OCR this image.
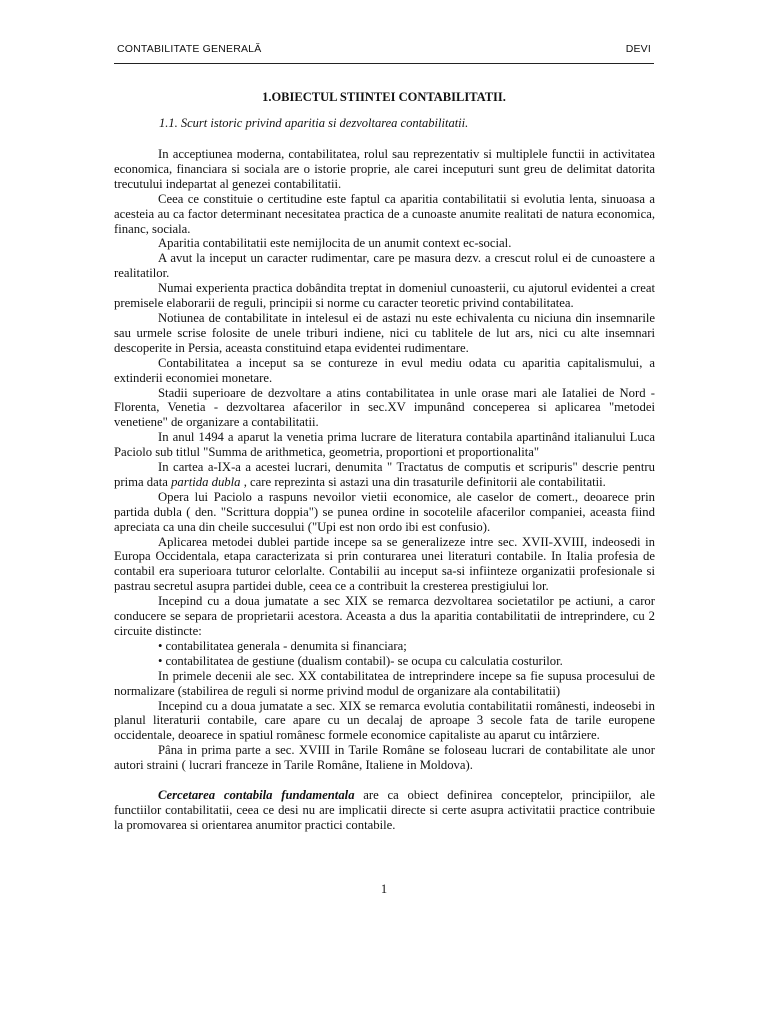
CONTABILITATE GENERALĂ	DEVI
1.OBIECTUL STIINTEI CONTABILITATII.
1.1. Scurt istoric privind aparitia si dezvoltarea contabilitatii.

In acceptiunea moderna, contabilitatea, rolul sau reprezentativ si multiplele functii in activitatea economica, financiara si sociala are o istorie proprie, ale carei inceputuri sunt greu de delimitat datorita trecutului indepartat al genezei contabilitatii.

Ceea ce constituie o certitudine este faptul ca aparitia contabilitatii si evolutia lenta, sinuoasa a acesteia au ca factor determinant necesitatea practica de a cunoaste anumite realitati de natura economica, financ, sociala.

Aparitia contabilitatii este nemijlocita de un anumit context ec-social.

A avut la inceput un caracter rudimentar, care pe masura dezv. a crescut rolul ei de cunoastere a realitatilor.

Numai experienta practica dobândita treptat in domeniul cunoasterii, cu ajutorul evidentei a creat premisele elaborarii de reguli, principii si norme cu caracter teoretic privind contabilitatea.

Notiunea de contabilitate in intelesul ei de astazi nu este echivalenta cu niciuna din insemnarile sau urmele scrise folosite de unele triburi indiene, nici cu tablitele de lut ars, nici cu alte insemnari descoperite in Persia, aceasta constituind etapa evidentei rudimentare.

Contabilitatea a inceput sa se contureze in evul mediu odata cu aparitia capitalismului, a extinderii economiei monetare.

Stadii superioare de dezvoltare a atins contabilitatea in unle orase mari ale Iataliei de Nord - Florenta, Venetia - dezvoltarea afacerilor in sec.XV impunând conceperea si aplicarea "metodei venetiene" de organizare a contabilitatii.

In anul 1494 a aparut la venetia prima lucrare de literatura contabila apartinând italianului Luca Paciolo sub titlul "Summa de arithmetica, geometria, proportioni et proportionalita"

In cartea a-IX-a a acestei lucrari, denumita " Tractatus de computis et scripuris" descrie pentru prima data partida dubla , care reprezinta si astazi una din trasaturile definitorii ale contabilitatii.

Opera lui Paciolo a raspuns nevoilor vietii economice, ale caselor de comert., deoarece prin partida dubla ( den. "Scrittura doppia") se punea ordine in socotelile afacerilor companiei, aceasta fiind apreciata ca una din cheile succesului ("Upi est non ordo ibi est confusio).

Aplicarea metodei dublei partide incepe sa se generalizeze intre sec. XVII-XVIII, indeosedi in Europa Occidentala, etapa caracterizata si prin conturarea unei literaturi contabile. In Italia profesia de contabil era superioara tuturor celorlalte. Contabilii au inceput sa-si infiinteze organizatii profesionale si pastrau secretul asupra partidei duble, ceea ce a contribuit la cresterea prestigiului lor.

Incepind cu a doua jumatate a sec XIX se remarca dezvoltarea societatilor pe actiuni, a caror conducere se separa de proprietarii acestora. Aceasta a dus la aparitia contabilitatii de intreprindere, cu 2 circuite distincte:

• contabilitatea generala - denumita si financiara;

• contabilitatea de gestiune (dualism contabil)- se ocupa cu calculatia costurilor.

In primele decenii ale sec. XX contabilitatea de intreprindere incepe sa fie supusa procesului de normalizare (stabilirea de reguli si norme privind modul de organizare ala contabilitatii)

Incepind cu a doua jumatate a sec. XIX se remarca evolutia contabilitatii românesti, indeosebi in planul literaturii contabile, care apare cu un decalaj de aproape 3 secole fata de tarile europene occidentale, deoarece in spatiul românesc formele economice capitaliste au aparut cu intârziere.

Pâna in prima parte a sec. XVIII in Tarile Române se foloseau lucrari de contabilitate ale unor autori straini ( lucrari franceze in Tarile Române, Italiene in Moldova).

Cercetarea contabila fundamentala are ca obiect definirea conceptelor, principiilor, ale functiilor contabilitatii, ceea ce desi nu are implicatii directe si certe asupra activitatii practice contribuie la promovarea si orientarea anumitor practici contabile.

1
